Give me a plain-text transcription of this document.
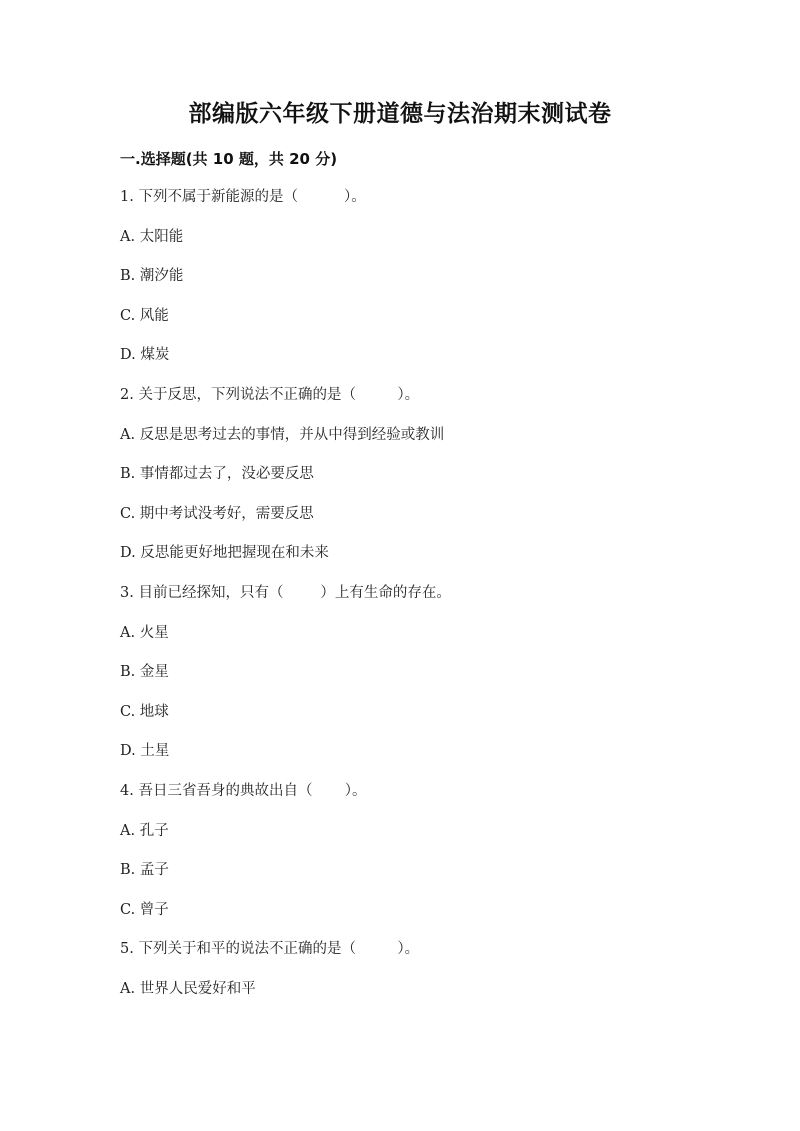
部编版六年级下册道德与法治期末测试卷
一.选择题(共 10 题，共 20 分)
1. 下列不属于新能源的是（          ）。
A. 太阳能
B. 潮汐能
C. 风能
D. 煤炭
2. 关于反思，下列说法不正确的是（         ）。
A. 反思是思考过去的事情，并从中得到经验或教训
B. 事情都过去了，没必要反思
C. 期中考试没考好，需要反思
D. 反思能更好地把握现在和未来
3. 目前已经探知，只有（        ）上有生命的存在。
A. 火星
B. 金星
C. 地球
D. 土星
4. 吾日三省吾身的典故出自（       ）。
A. 孔子
B. 孟子
C. 曾子
5. 下列关于和平的说法不正确的是（         ）。
A. 世界人民爱好和平
